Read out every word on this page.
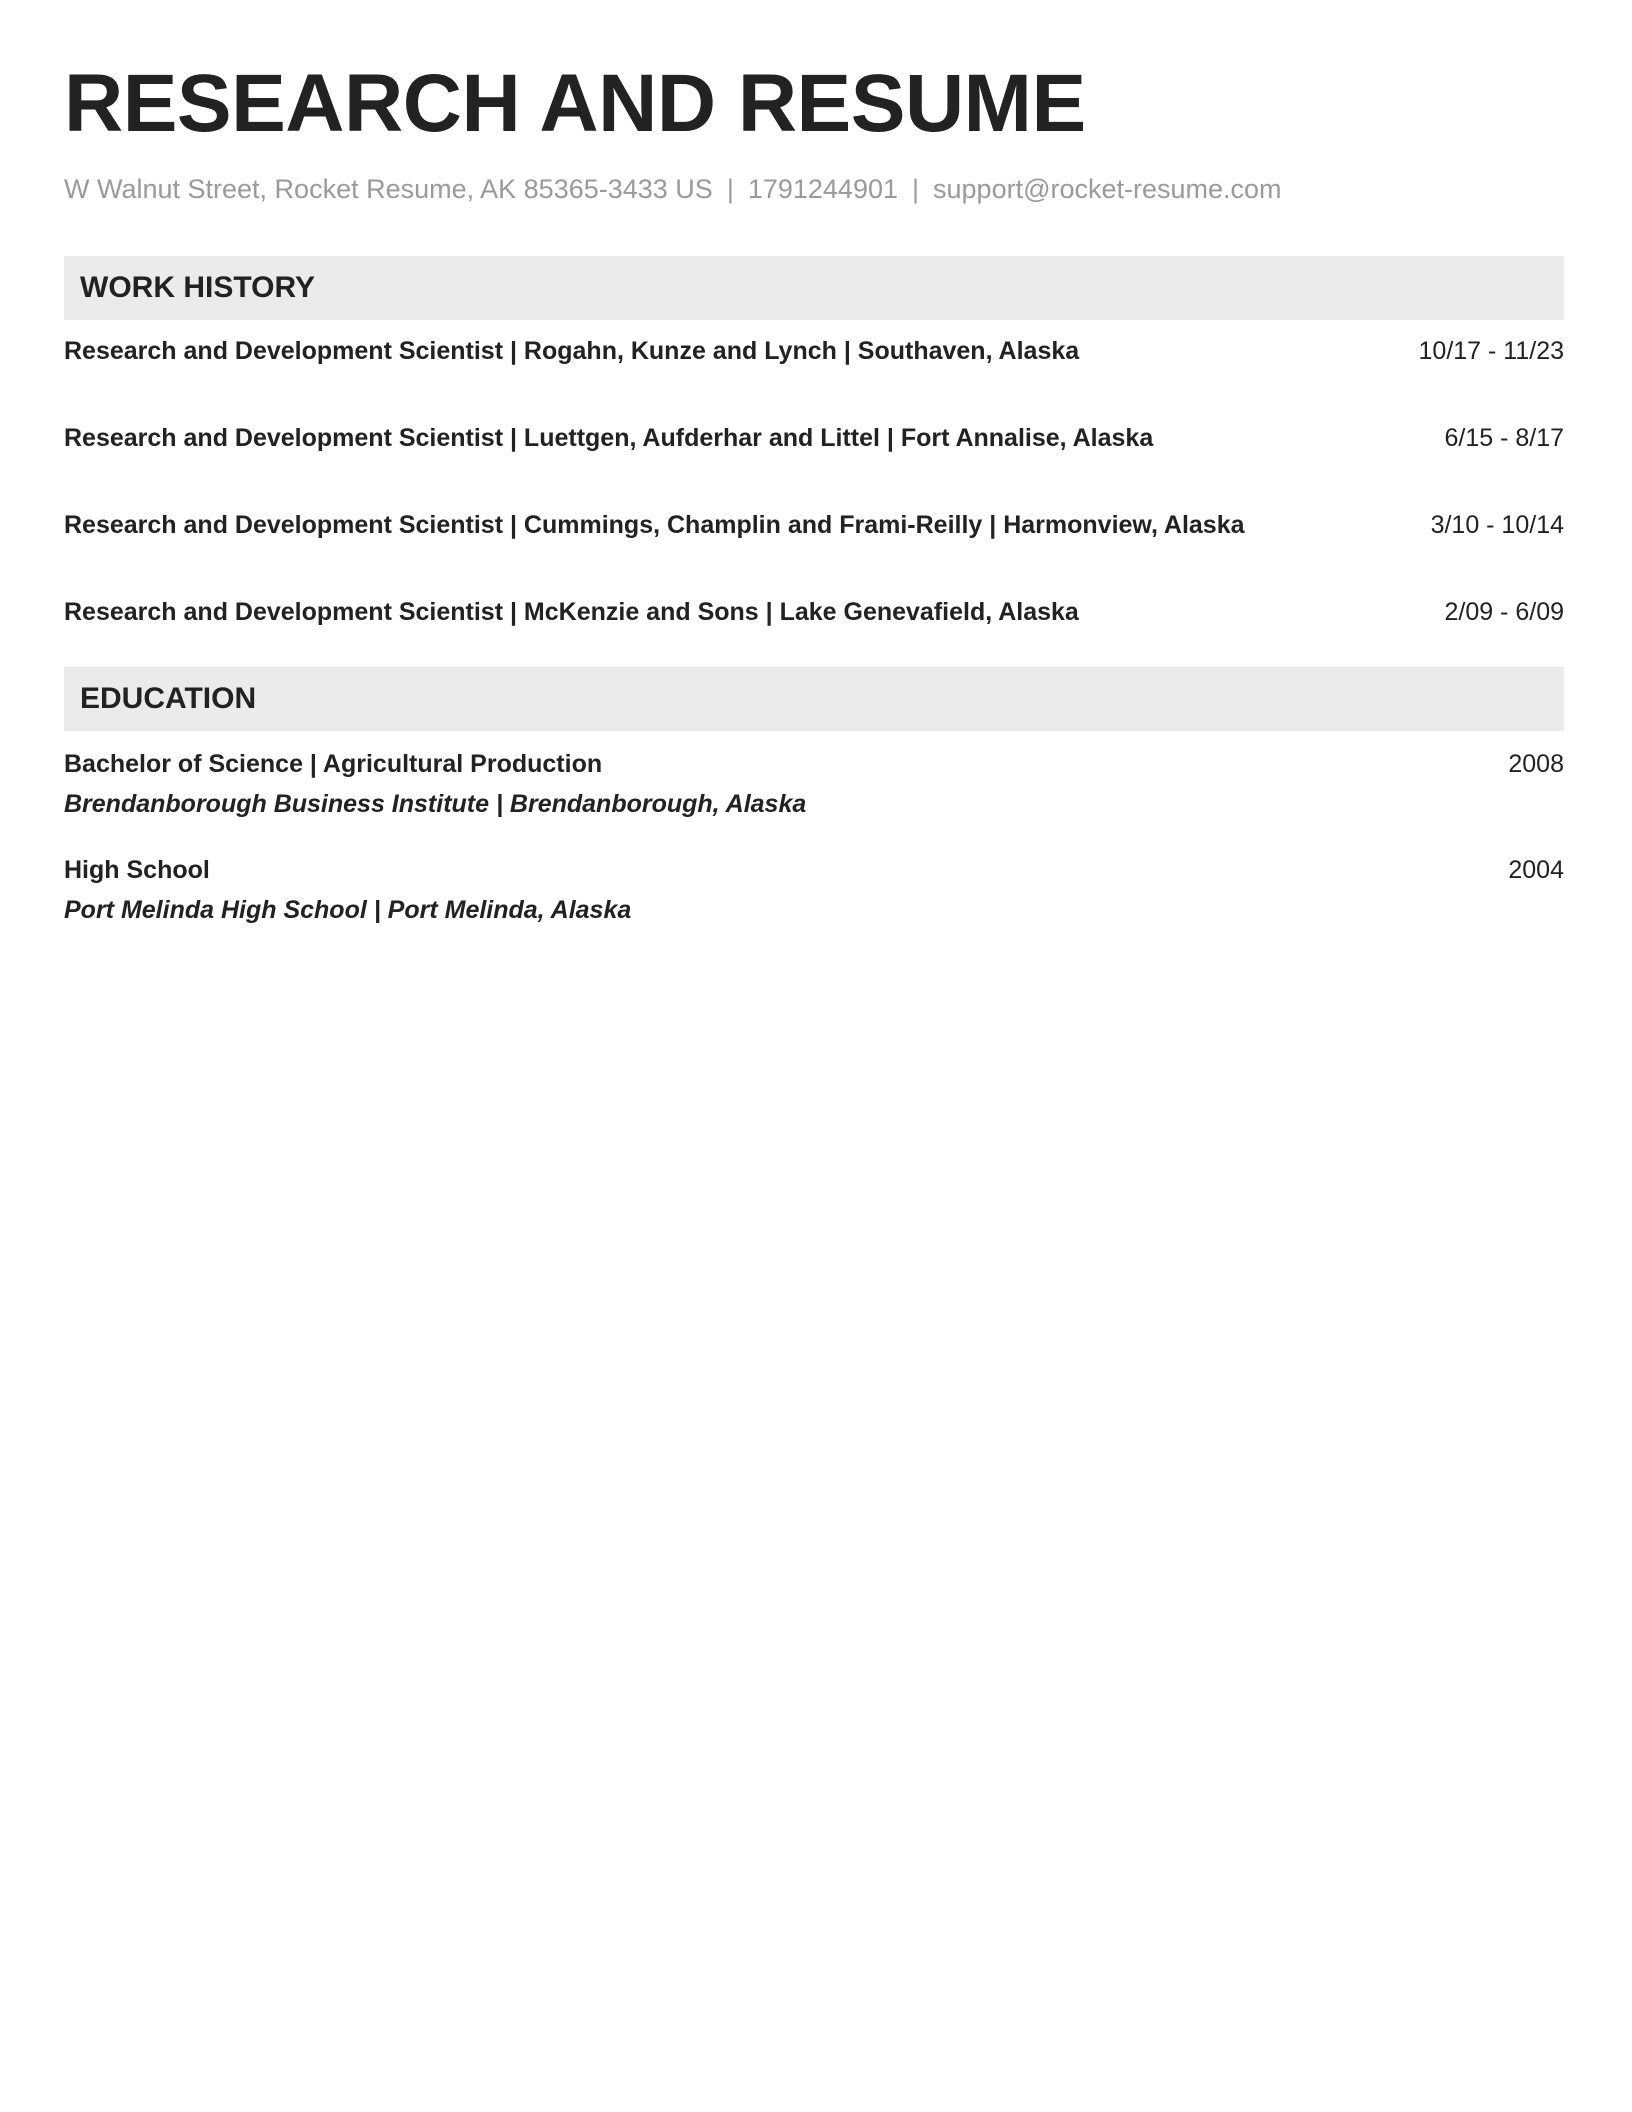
RESEARCH AND RESUME
W Walnut Street, Rocket Resume, AK 85365-3433 US | 1791244901 | support@rocket-resume.com
WORK HISTORY
Research and Development Scientist | Rogahn, Kunze and Lynch | Southaven, Alaska	10/17 - 11/23
Research and Development Scientist | Luettgen, Aufderhar and Littel | Fort Annalise, Alaska	6/15 - 8/17
Research and Development Scientist | Cummings, Champlin and Frami-Reilly | Harmonview, Alaska	3/10 - 10/14
Research and Development Scientist | McKenzie and Sons | Lake Genevafield, Alaska	2/09 - 6/09
EDUCATION
Bachelor of Science | Agricultural Production	2008
Brendanborough Business Institute | Brendanborough, Alaska
High School	2004
Port Melinda High School | Port Melinda, Alaska
